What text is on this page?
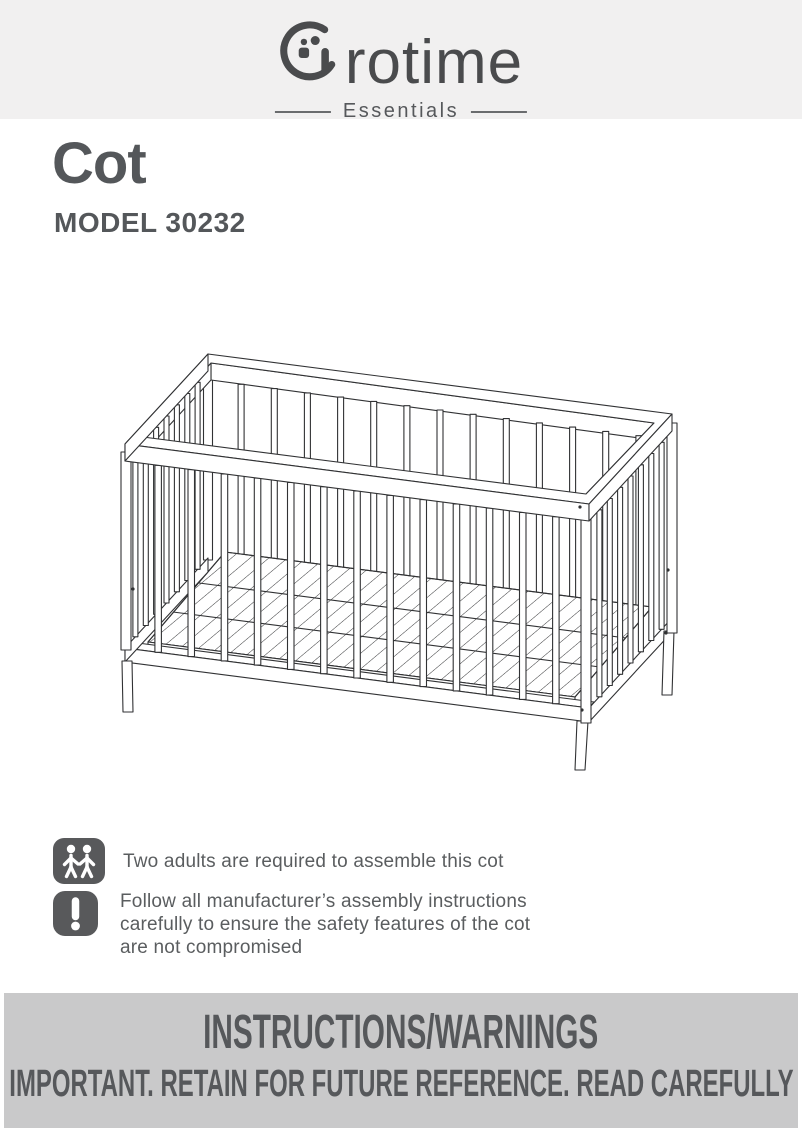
rotime
Essentials
Cot
MODEL 30232
Two adults are required to assemble this cot
Follow all manufacturer’s assembly instructions carefully to ensure the safety features of the cot are not compromised
INSTRUCTIONS/WARNINGS
IMPORTANT. RETAIN FOR FUTURE REFERENCE. READ CAREFULLY
